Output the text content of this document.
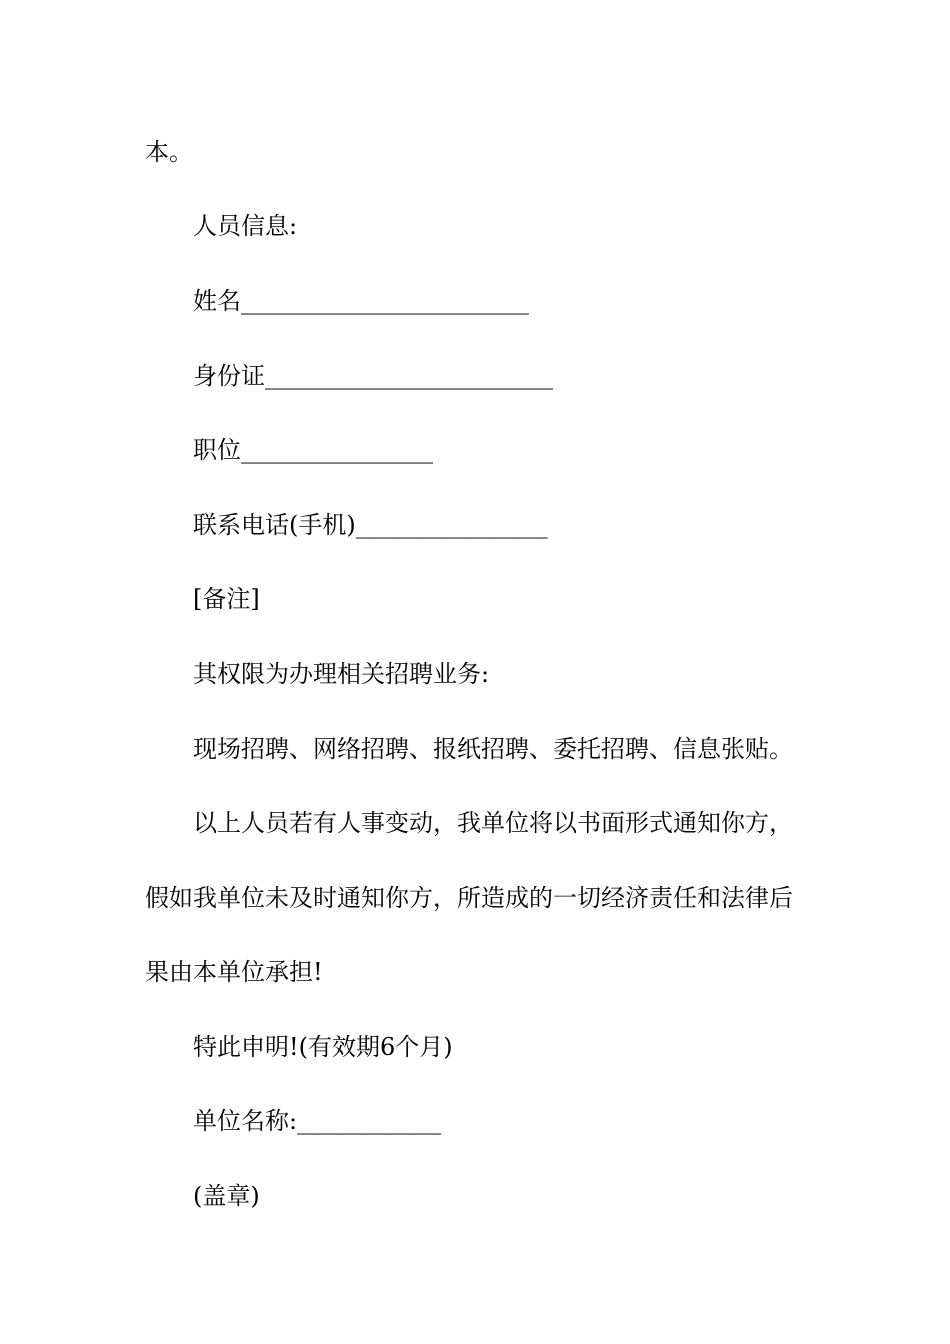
本。
人员信息:
姓名________________________
身份证________________________
职位________________
联系电话(手机)________________
[备注]
其权限为办理相关招聘业务:
现场招聘、网络招聘、报纸招聘、委托招聘、信息张贴。
以上人员若有人事变动，我单位将以书面形式通知你方，
假如我单位未及时通知你方，所造成的一切经济责任和法律后
果由本单位承担!
特此申明!(有效期6个月)
单位名称:____________
(盖章)
